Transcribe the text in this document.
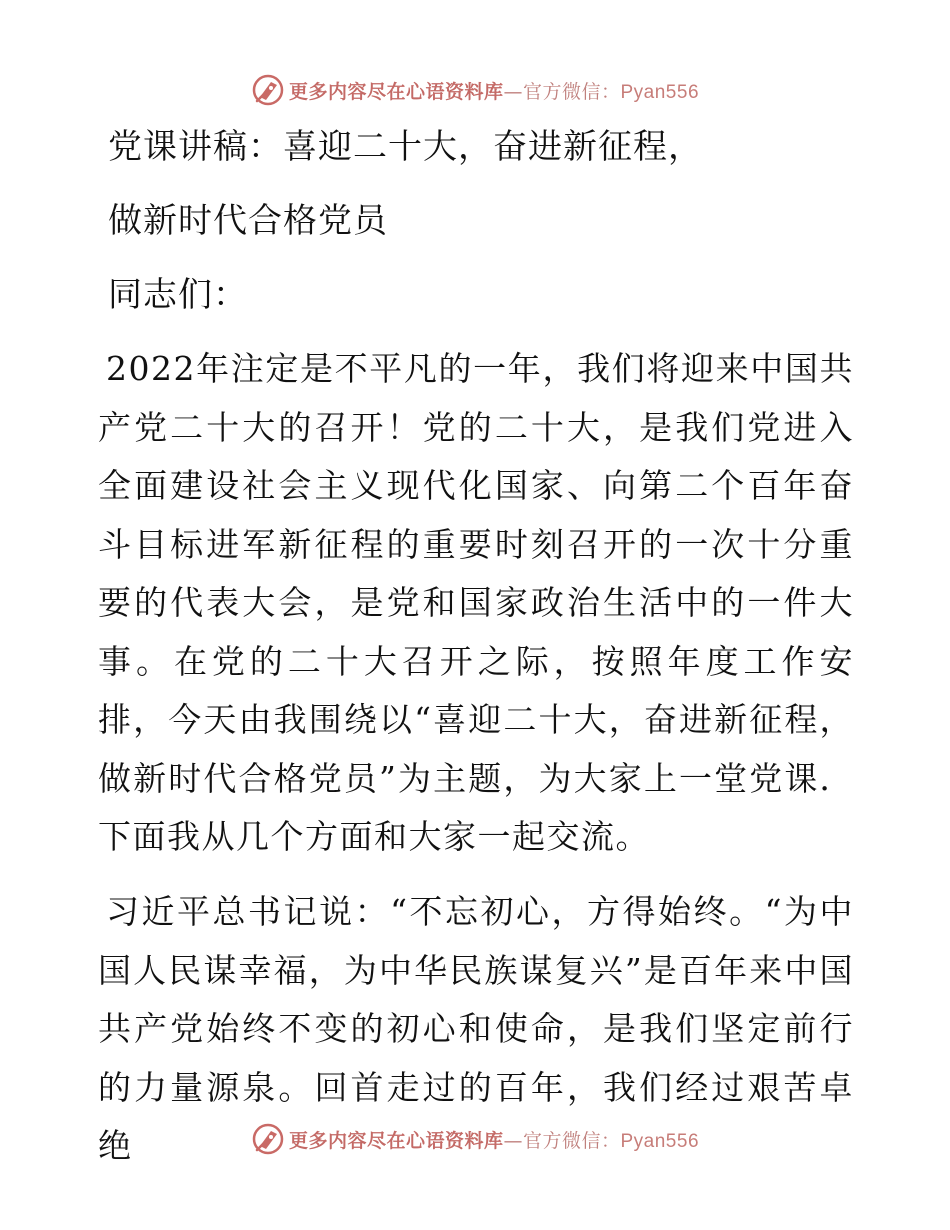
更多内容尽在心语资料库—官方微信：Pyan556
党课讲稿：喜迎二十大，奋进新征程，
做新时代合格党员
同志们：
2022年注定是不平凡的一年，我们将迎来中国共产党二十大的召开！党的二十大，是我们党进入全面建设社会主义现代化国家、向第二个百年奋斗目标进军新征程的重要时刻召开的一次十分重要的代表大会，是党和国家政治生活中的一件大事。在党的二十大召开之际，按照年度工作安排，今天由我围绕以“喜迎二十大，奋进新征程，做新时代合格党员”为主题，为大家上一堂党课．下面我从几个方面和大家一起交流。
习近平总书记说：“不忘初心，方得始终。“为中国人民谋幸福，为中华民族谋复兴”是百年来中国共产党始终不变的初心和使命，是我们坚定前行的力量源泉。回首走过的百年，我们经过艰苦卓绝	更多内容尽在心语资料库—官方微信：Pyan556
